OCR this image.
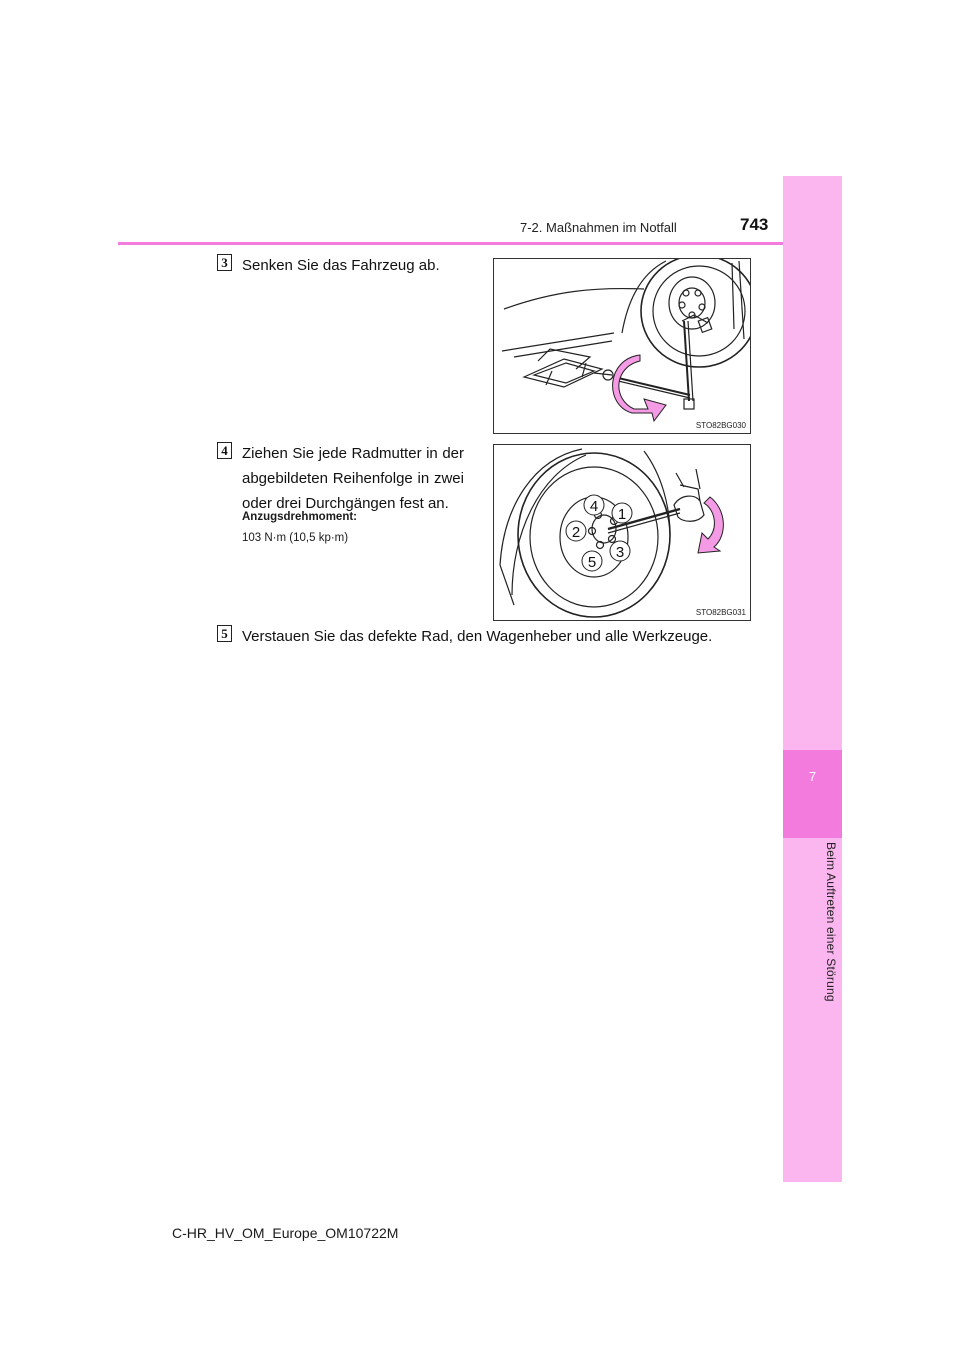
7
Beim Auftreten einer Störung
7-2. Maßnahmen im Notfall	743
3 Senken Sie das Fahrzeug ab.
STO82BG030
4 Ziehen Sie jede Radmutter in der abgebildeten Reihenfolge in zwei oder drei Durchgängen fest an.
Anzugsdrehmoment:
103 N·m (10,5 kp·m)
4 1
2
3
5
STO82BG031
5 Verstauen Sie das defekte Rad, den Wagenheber und alle Werkzeuge.
C-HR_HV_OM_Europe_OM10722M
